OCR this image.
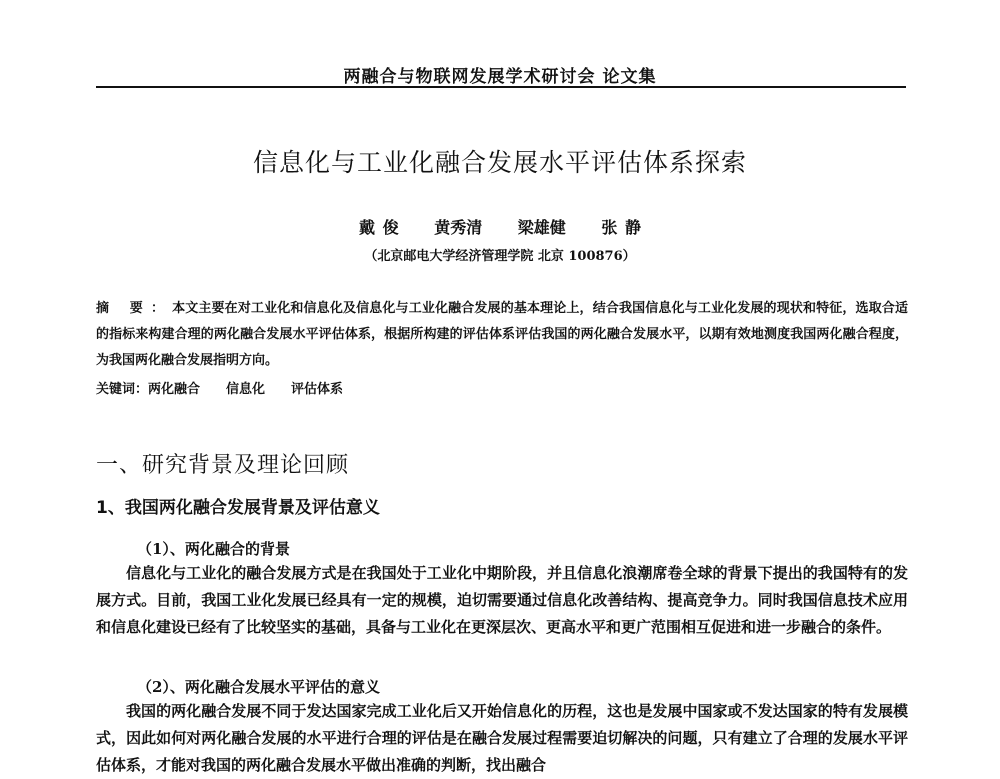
两融合与物联网发展学术研讨会 论文集
信息化与工业化融合发展水平评估体系探索
戴 俊 黄秀清 梁雄健 张 静
（北京邮电大学经济管理学院 北京 100876）
摘 要：本文主要在对工业化和信息化及信息化与工业化融合发展的基本理论上，结合我国信息化与工业化发展的现状和特征，选取合适的指标来构建合理的两化融合发展水平评估体系，根据所构建的评估体系评估我国的两化融合发展水平，以期有效地测度我国两化融合程度，为我国两化融合发展指明方向。
关键词：两化融合 信息化 评估体系
一、研究背景及理论回顾
1、我国两化融合发展背景及评估意义
（1）、两化融合的背景
信息化与工业化的融合发展方式是在我国处于工业化中期阶段，并且信息化浪潮席卷全球的背景下提出的我国特有的发展方式。目前，我国工业化发展已经具有一定的规模，迫切需要通过信息化改善结构、提高竞争力。同时我国信息技术应用和信息化建设已经有了比较坚实的基础，具备与工业化在更深层次、更高水平和更广范围相互促进和进一步融合的条件。
（2）、两化融合发展水平评估的意义
我国的两化融合发展不同于发达国家完成工业化后又开始信息化的历程，这也是发展中国家或不发达国家的特有发展模式，因此如何对两化融合发展的水平进行合理的评估是在融合发展过程需要迫切解决的问题，只有建立了合理的发展水平评估体系，才能对我国的两化融合发展水平做出准确的判断，找出融合
